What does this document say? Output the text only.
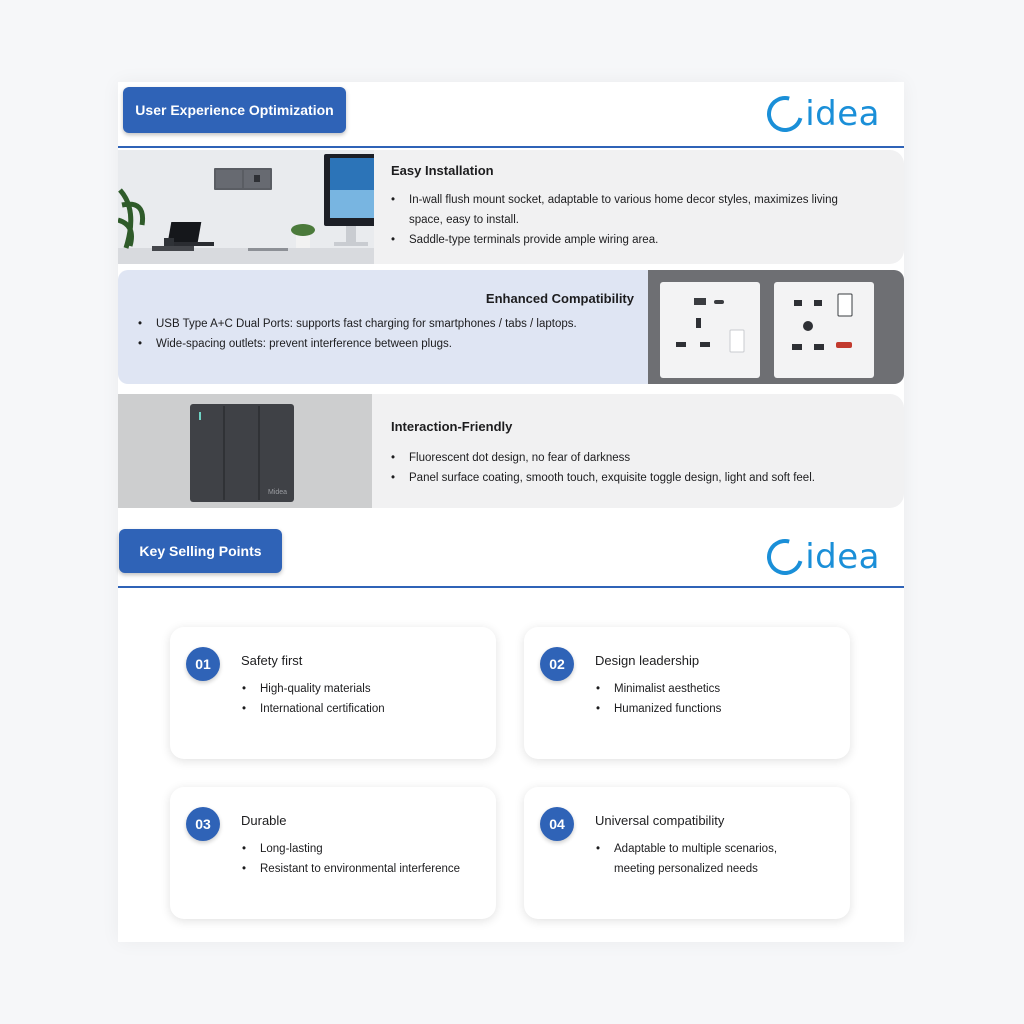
User Experience Optimization	idea
Easy Installation
• In-wall flush mount socket, adaptable to various home decor styles, maximizes living space, easy to install.
• Saddle-type terminals provide ample wiring area.
Enhanced Compatibility
• USB Type A+C Dual Ports: supports fast charging for smartphones / tabs / laptops.
• Wide-spacing outlets: prevent interference between plugs.
Midea
Interaction-Friendly
• Fluorescent dot design, no fear of darkness
• Panel surface coating, smooth touch, exquisite toggle design, light and soft feel.
Key Selling Points	idea
01	Safety first
• High-quality materials
• International certification
02	Design leadership
• Minimalist aesthetics
• Humanized functions
03	Durable
• Long-lasting
• Resistant to environmental interference
04	Universal compatibility
• Adaptable to multiple scenarios, meeting personalized needs
